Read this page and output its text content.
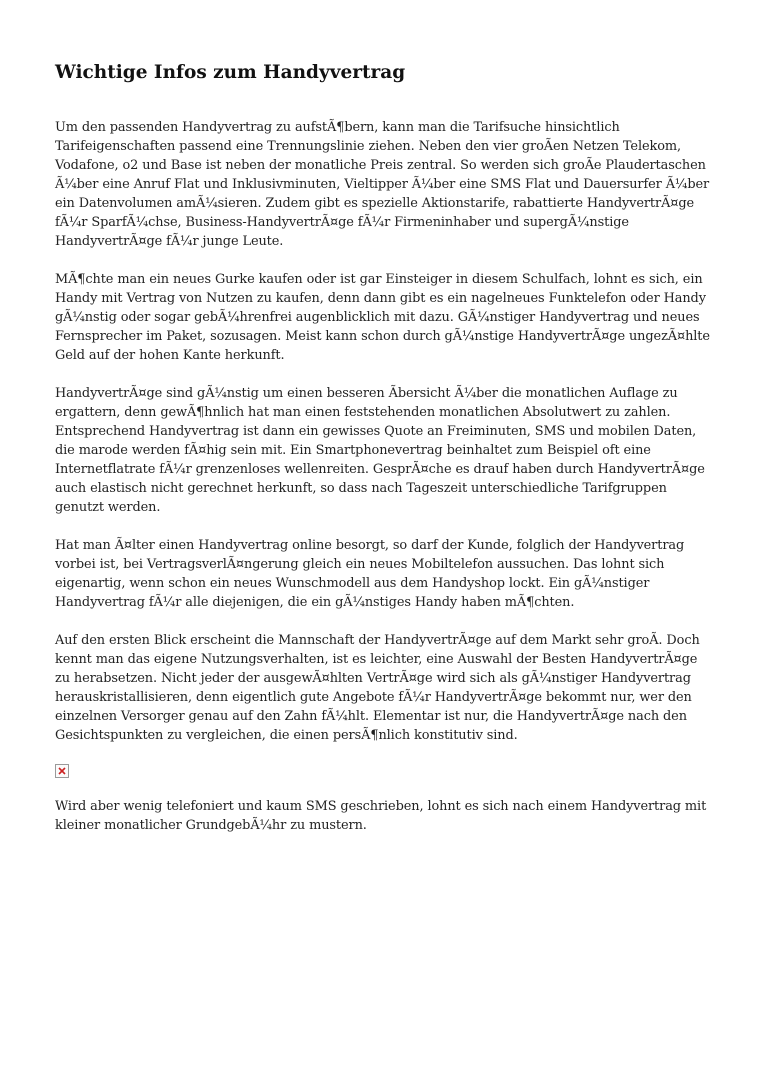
Wichtige Infos zum Handyvertrag

Um den passenden Handyvertrag zu aufstÃ¶bern, kann man die Tarifsuche hinsichtlich Tarifeigenschaften passend eine Trennungslinie ziehen. Neben den vier groÃen Netzen Telekom, Vodafone, o2 und Base ist neben der monatliche Preis zentral. So werden sich groÃe Plaudertaschen Ã¼ber eine Anruf Flat und Inklusivminuten, Vieltipper Ã¼ber eine SMS Flat und Dauersurfer Ã¼ber ein Datenvolumen amÃ¼sieren. Zudem gibt es spezielle Aktionstarife, rabattierte HandyvertrÃ¤ge fÃ¼r SparfÃ¼chse, Business-HandyvertrÃ¤ge fÃ¼r Firmeninhaber und supergÃ¼nstige HandyvertrÃ¤ge fÃ¼r junge Leute.

MÃ¶chte man ein neues Gurke kaufen oder ist gar Einsteiger in diesem Schulfach, lohnt es sich, ein Handy mit Vertrag von Nutzen zu kaufen, denn dann gibt es ein nagelneues Funktelefon oder Handy gÃ¼nstig oder sogar gebÃ¼hrenfrei augenblicklich mit dazu. GÃ¼nstiger Handyvertrag und neues Fernsprecher im Paket, sozusagen. Meist kann schon durch gÃ¼nstige HandyvertrÃ¤ge ungezÃ¤hlte Geld auf der hohen Kante herkunft.

HandyvertrÃ¤ge sind gÃ¼nstig um einen besseren Ãbersicht Ã¼ber die monatlichen Auflage zu ergattern, denn gewÃ¶hnlich hat man einen feststehenden monatlichen Absolutwert zu zahlen. Entsprechend Handyvertrag ist dann ein gewisses Quote an Freiminuten, SMS und mobilen Daten, die marode werden fÃ¤hig sein mit. Ein Smartphonevertrag beinhaltet zum Beispiel oft eine Internetflatrate fÃ¼r grenzenloses wellenreiten. GesprÃ¤che es drauf haben durch HandyvertrÃ¤ge auch elastisch nicht gerechnet herkunft, so dass nach Tageszeit unterschiedliche Tarifgruppen genutzt werden.

Hat man Ã¤lter einen Handyvertrag online besorgt, so darf der Kunde, folglich der Handyvertrag vorbei ist, bei VertragsverlÃ¤ngerung gleich ein neues Mobiltelefon aussuchen. Das lohnt sich eigenartig, wenn schon ein neues Wunschmodell aus dem Handyshop lockt. Ein gÃ¼nstiger Handyvertrag fÃ¼r alle diejenigen, die ein gÃ¼nstiges Handy haben mÃ¶chten.

Auf den ersten Blick erscheint die Mannschaft der HandyvertrÃ¤ge auf dem Markt sehr groÃ. Doch kennt man das eigene Nutzungsverhalten, ist es leichter, eine Auswahl der Besten HandyvertrÃ¤ge zu herabsetzen. Nicht jeder der ausgewÃ¤hlten VertrÃ¤ge wird sich als gÃ¼nstiger Handyvertrag herauskristallisieren, denn eigentlich gute Angebote fÃ¼r HandyvertrÃ¤ge bekommt nur, wer den einzelnen Versorger genau auf den Zahn fÃ¼hlt. Elementar ist nur, die HandyvertrÃ¤ge nach den Gesichtspunkten zu vergleichen, die einen persÃ¶nlich konstitutiv sind.

Wird aber wenig telefoniert und kaum SMS geschrieben, lohnt es sich nach einem Handyvertrag mit kleiner monatlicher GrundgebÃ¼hr zu mustern.
